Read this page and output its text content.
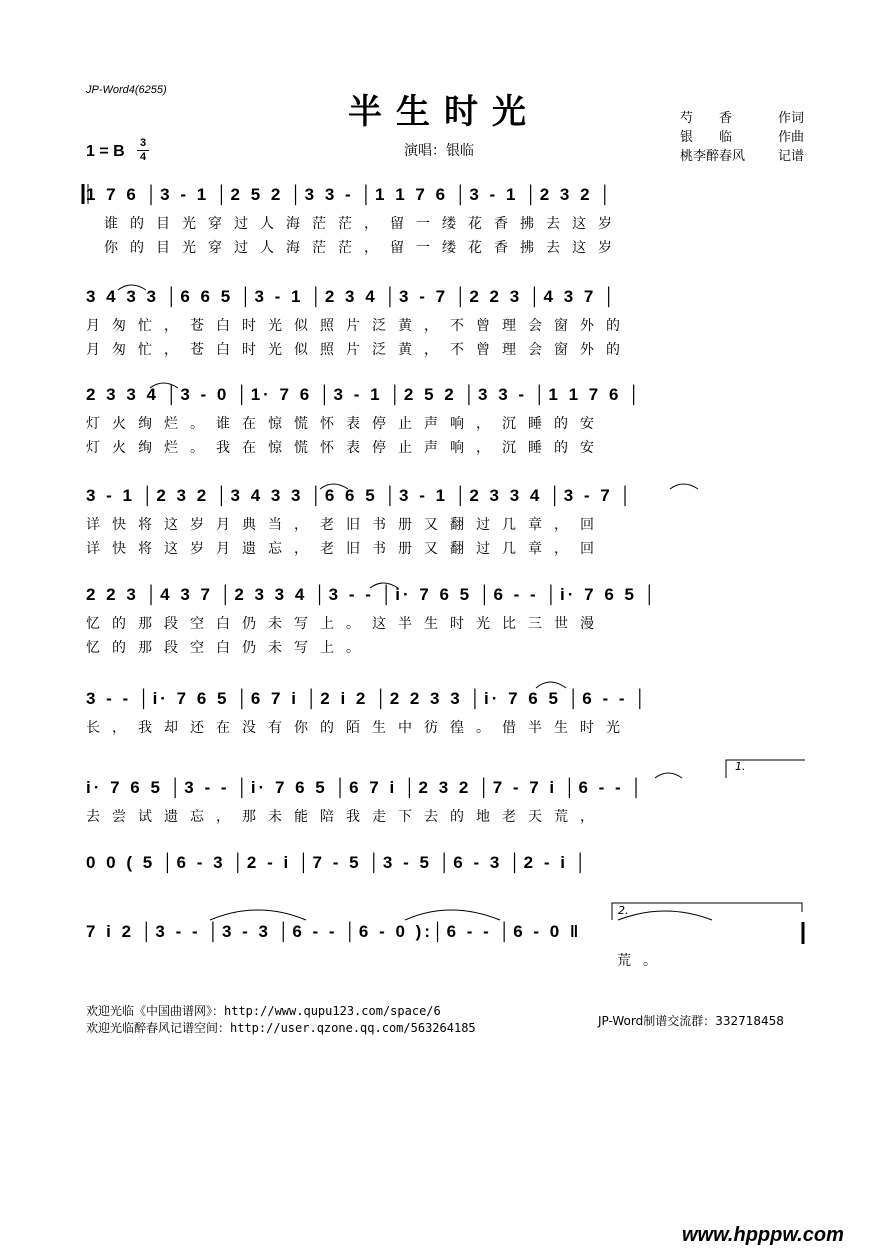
JP-Word4(6255)
半生时光	芍　　香	作词
银　　临	作曲
桃李醉春风	记谱
1 = B 3
4	演唱：银临
1 7 6 │3 - 1 │2 5 2 │3 3 - │1 1 7 6 │3 - 1 │2 3 2 │
谁的目光穿过人海茫茫，留一缕花香拂去这岁
你的目光穿过人海茫茫，留一缕花香拂去这岁
3 4 3 3 │6 6 5 │3 - 1 │2 3 4 │3 - 7 │2 2 3 │4 3 7 │
月匆忙，苍白时光似照片泛黄，不曾理会窗外的
月匆忙，苍白时光似照片泛黄，不曾理会窗外的
2 3 3 4 │3 - 0 │1· 7 6 │3 - 1 │2 5 2 │3 3 - │1 1 7 6 │
灯火绚烂。谁在惊慌怀表停止声响，沉睡的安
灯火绚烂。我在惊慌怀表停止声响，沉睡的安
3 - 1 │2 3 2 │3 4 3 3 │6 6 5 │3 - 1 │2 3 3 4 │3 - 7 │
详快将这岁月典当，老旧书册又翻过几章，回
详快将这岁月遗忘，老旧书册又翻过几章，回
2 2 3 │4 3 7 │2 3 3 4 │3 - - │i· 7 6 5 │6 - - │i· 7 6 5 │
忆的那段空白仍未写上。这半生时光比三世漫
忆的那段空白仍未写上。
3 - - │i· 7 6 5 │6 7 i │2 i 2 │2 2 3 3 │i· 7 6 5 │6 - - │
长，我却还在没有你的陌生中彷徨。借半生时光
i· 7 6 5 │3 - - │i· 7 6 5 │6 7 i │2 3 2 │7 - 7 i │6 - - │
去尝试遗忘，那未能陪我走下去的地老天荒，
1.
0 0 ( 5 │6 - 3 │2 - i │7 - 5 │3 - 5 │6 - 3 │2 - i │
7 i 2 │3 - - │3 - 3 │6 - - │6 - 0 ):│6 - - │6 - 0 ‖
荒。
2.
欢迎光临《中国曲谱网》：http://www.qupu123.com/space/6
欢迎光临醉春风记谱空间：http://user.qzone.qq.com/563264185	JP-Word制谱交流群：332718458
www.hpppw.com
